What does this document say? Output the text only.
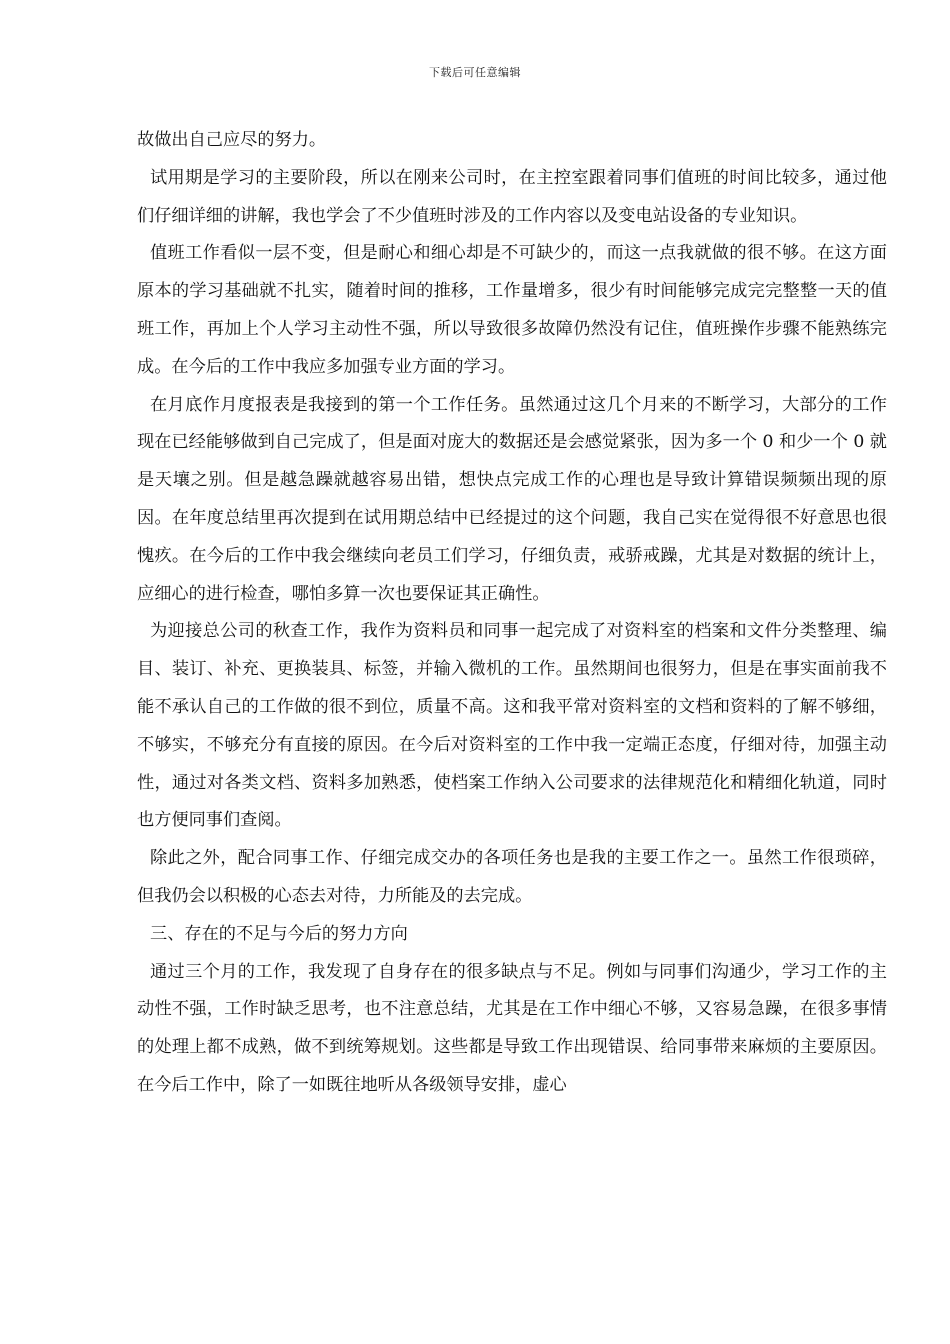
下载后可任意编辑

故做出自己应尽的努力。

试用期是学习的主要阶段，所以在刚来公司时，在主控室跟着同事们值班的时间比较多，通过他们仔细详细的讲解，我也学会了不少值班时涉及的工作内容以及变电站设备的专业知识。

值班工作看似一层不变，但是耐心和细心却是不可缺少的，而这一点我就做的很不够。在这方面原本的学习基础就不扎实，随着时间的推移，工作量增多，很少有时间能够完成完完整整一天的值班工作，再加上个人学习主动性不强，所以导致很多故障仍然没有记住，值班操作步骤不能熟练完成。在今后的工作中我应多加强专业方面的学习。

在月底作月度报表是我接到的第一个工作任务。虽然通过这几个月来的不断学习，大部分的工作现在已经能够做到自己完成了，但是面对庞大的数据还是会感觉紧张，因为多一个 0 和少一个 0 就是天壤之别。但是越急躁就越容易出错，想快点完成工作的心理也是导致计算错误频频出现的原因。在年度总结里再次提到在试用期总结中已经提过的这个问题，我自己实在觉得很不好意思也很愧疚。在今后的工作中我会继续向老员工们学习，仔细负责，戒骄戒躁，尤其是对数据的统计上，应细心的进行检查，哪怕多算一次也要保证其正确性。

为迎接总公司的秋查工作，我作为资料员和同事一起完成了对资料室的档案和文件分类整理、编目、装订、补充、更换装具、标签，并输入微机的工作。虽然期间也很努力，但是在事实面前我不能不承认自己的工作做的很不到位，质量不高。这和我平常对资料室的文档和资料的了解不够细，不够实，不够充分有直接的原因。在今后对资料室的工作中我一定端正态度，仔细对待，加强主动性，通过对各类文档、资料多加熟悉，使档案工作纳入公司要求的法律规范化和精细化轨道，同时也方便同事们查阅。

除此之外，配合同事工作、仔细完成交办的各项任务也是我的主要工作之一。虽然工作很琐碎，但我仍会以积极的心态去对待，力所能及的去完成。

三、存在的不足与今后的努力方向

通过三个月的工作，我发现了自身存在的很多缺点与不足。例如与同事们沟通少，学习工作的主动性不强，工作时缺乏思考，也不注意总结，尤其是在工作中细心不够，又容易急躁，在很多事情的处理上都不成熟，做不到统筹规划。这些都是导致工作出现错误、给同事带来麻烦的主要原因。在今后工作中，除了一如既往地听从各级领导安排，虚心
